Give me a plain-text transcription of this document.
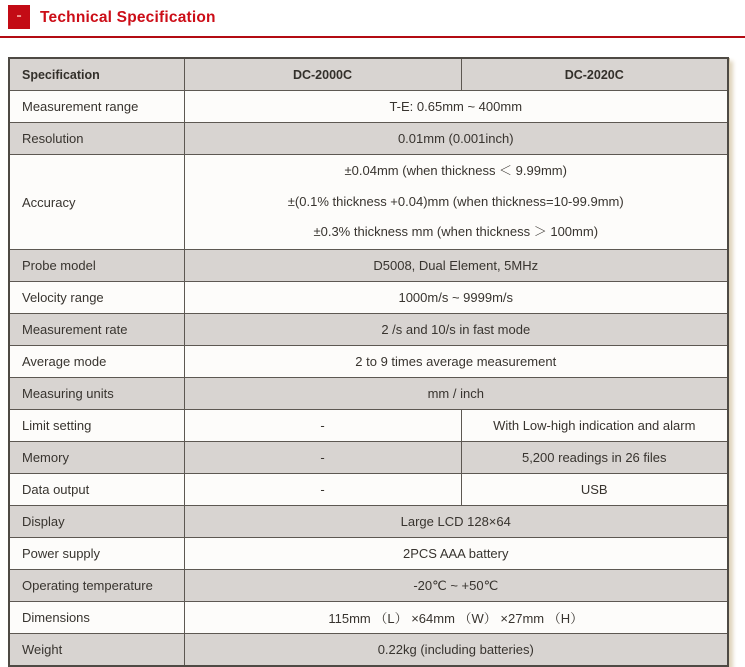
-	Technical Specification
Specification	DC-2000C	DC-2020C
Measurement range	T-E: 0.65mm ~ 400mm	
Resolution	0.01mm (0.001inch)	
Accuracy	±0.04mm (when thickness ＜ 9.99mm)
±(0.1% thickness +0.04)mm (when thickness=10-99.9mm)
±0.3% thickness mm (when thickness ＞ 100mm)	

Probe model	D5008, Dual Element, 5MHz	
Velocity range	1000m/s ~ 9999m/s	
Measurement rate	2 /s and 10/s in fast mode	
Average mode	2 to 9 times average measurement	
Measuring units	mm / inch	
Limit setting	-	With Low-high indication and alarm
Memory	-	5,200 readings in 26 files
Data output	-	USB
Display	Large LCD 128×64	
Power supply	2PCS AAA battery	
Operating temperature	-20℃ ~ +50℃	
Dimensions	115mm （L） ×64mm （W） ×27mm （H）	
Weight	0.22kg (including batteries)	
